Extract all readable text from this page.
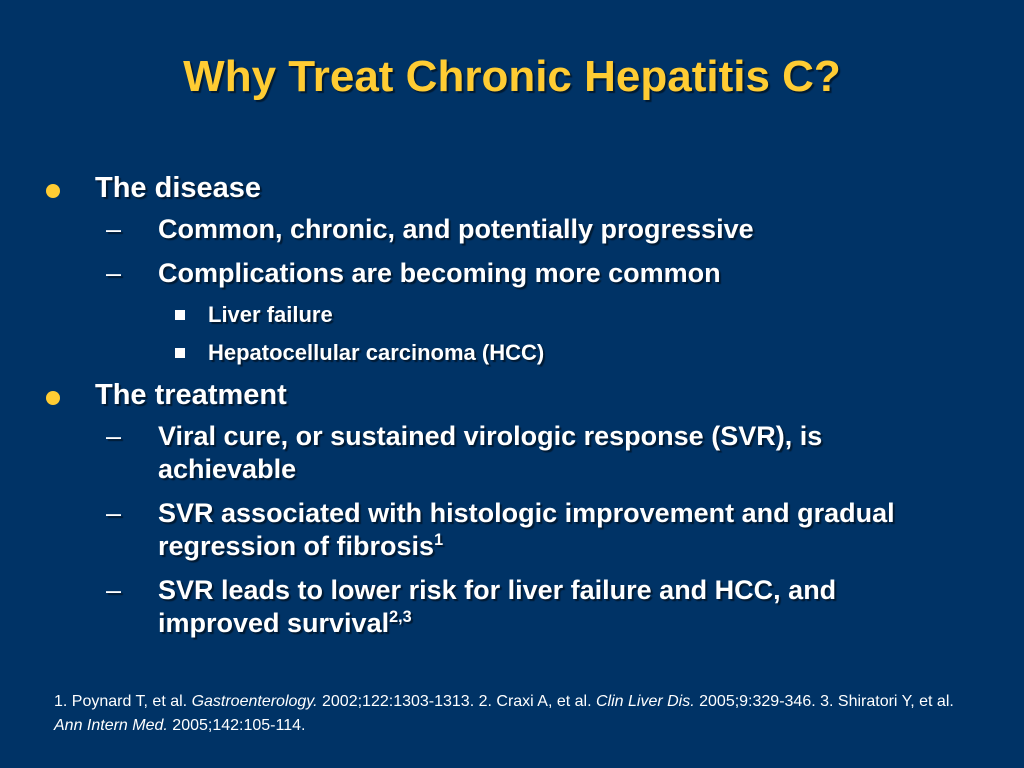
Why Treat Chronic Hepatitis C?
The disease
– Common, chronic, and potentially progressive
– Complications are becoming more common
Liver failure
Hepatocellular carcinoma (HCC)
The treatment
– Viral cure, or sustained virologic response (SVR), is achievable
– SVR associated with histologic improvement and gradual regression of fibrosis$^1$
– SVR leads to lower risk for liver failure and HCC, and improved survival$^{2,3}$
1. Poynard T, et al. Gastroenterology. 2002;122:1303-1313. 2. Craxi A, et al. Clin Liver Dis. 2005;9:329-346. 3. Shiratori Y, et al. Ann Intern Med. 2005;142:105-114.
